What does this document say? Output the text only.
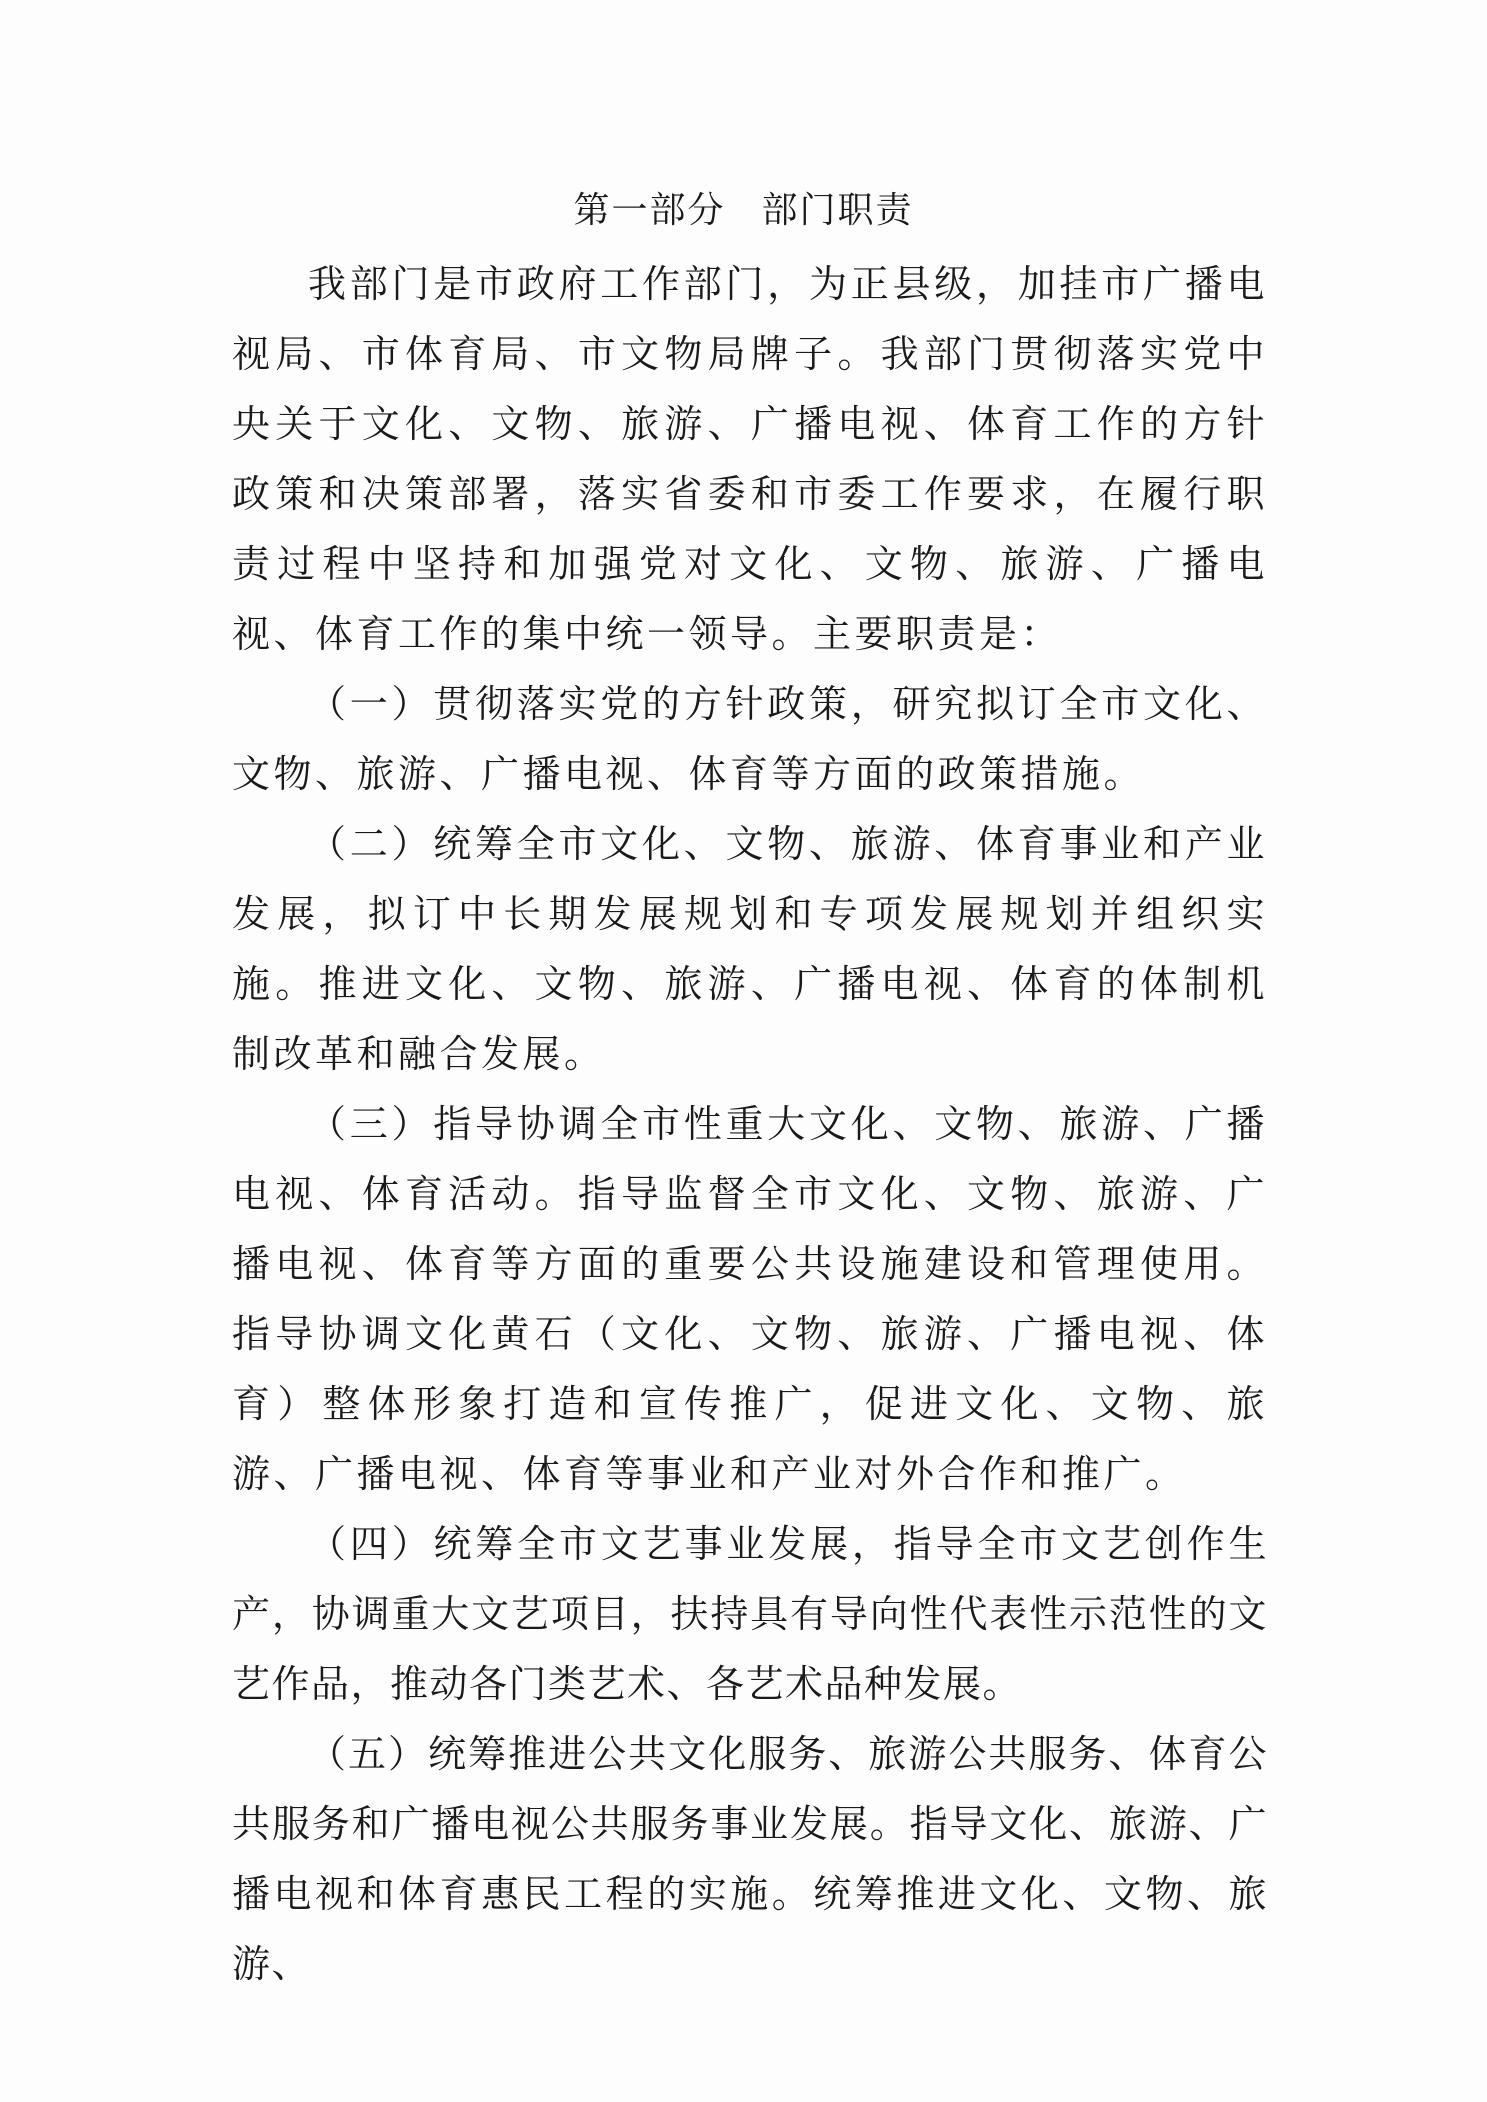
第一部分 部门职责

我部门是市政府工作部门，为正县级，加挂市广播电视局、市体育局、市文物局牌子。我部门贯彻落实党中央关于文化、文物、旅游、广播电视、体育工作的方针政策和决策部署，落实省委和市委工作要求，在履行职责过程中坚持和加强党对文化、文物、旅游、广播电视、体育工作的集中统一领导。主要职责是：

（一）贯彻落实党的方针政策，研究拟订全市文化、文物、旅游、广播电视、体育等方面的政策措施。

（二）统筹全市文化、文物、旅游、体育事业和产业发展，拟订中长期发展规划和专项发展规划并组织实施。推进文化、文物、旅游、广播电视、体育的体制机制改革和融合发展。

（三）指导协调全市性重大文化、文物、旅游、广播电视、体育活动。指导监督全市文化、文物、旅游、广播电视、体育等方面的重要公共设施建设和管理使用。指导协调文化黄石（文化、文物、旅游、广播电视、体育）整体形象打造和宣传推广，促进文化、文物、旅游、广播电视、体育等事业和产业对外合作和推广。

（四）统筹全市文艺事业发展，指导全市文艺创作生产，协调重大文艺项目，扶持具有导向性代表性示范性的文艺作品，推动各门类艺术、各艺术品种发展。

（五）统筹推进公共文化服务、旅游公共服务、体育公共服务和广播电视公共服务事业发展。指导文化、旅游、广播电视和体育惠民工程的实施。统筹推进文化、文物、旅游、
